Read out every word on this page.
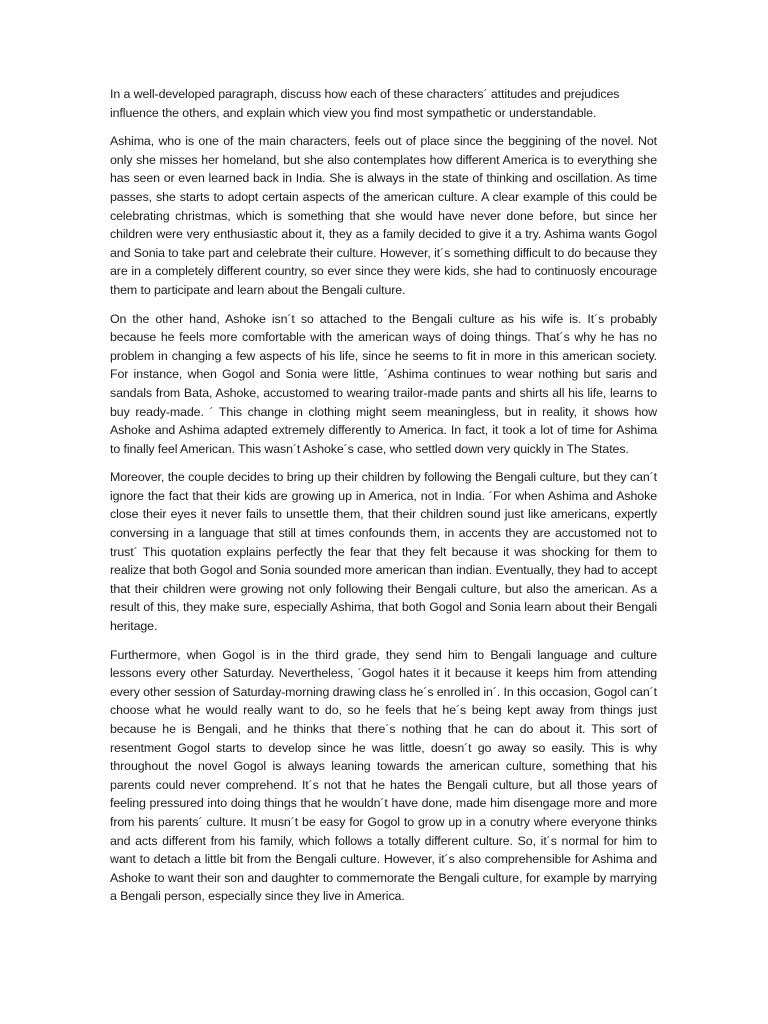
In a well-developed paragraph, discuss how each of these characters´ attitudes and prejudices influence the others, and explain which view you find most sympathetic or understandable.

Ashima, who is one of the main characters, feels out of place since the beggining of the novel. Not only she misses her homeland, but she also contemplates how different America is to everything she has seen or even learned back in India. She is always in the state of thinking and oscillation. As time passes, she starts to adopt certain aspects of the american culture. A clear example of this could be celebrating christmas, which is something that she would have never done before, but since her children were very enthusiastic about it, they as a family decided to give it a try. Ashima wants Gogol and Sonia to take part and celebrate their culture. However, it´s something difficult to do because they are in a completely different country, so ever since they were kids, she had to continuosly encourage them to participate and learn about the Bengali culture.

On the other hand, Ashoke isn´t so attached to the Bengali culture as his wife is. It´s probably because he feels more comfortable with the american ways of doing things. That´s why he has no problem in changing a few aspects of his life, since he seems to fit in more in this american society. For instance, when Gogol and Sonia were little, ´Ashima continues to wear nothing but saris and sandals from Bata, Ashoke, accustomed to wearing trailor-made pants and shirts all his life, learns to buy ready-made. ´ This change in clothing might seem meaningless, but in reality, it shows how Ashoke and Ashima adapted extremely differently to America. In fact, it took a lot of time for Ashima to finally feel American. This wasn´t Ashoke´s case, who settled down very quickly in The States.

Moreover, the couple decides to bring up their children by following the Bengali culture, but they can´t ignore the fact that their kids are growing up in America, not in India. ´For when Ashima and Ashoke close their eyes it never fails to unsettle them, that their children sound just like americans, expertly conversing in a language that still at times confounds them, in accents they are accustomed not to trust´ This quotation explains perfectly the fear that they felt because it was shocking for them to realize that both Gogol and Sonia sounded more american than indian. Eventually, they had to accept that their children were growing not only following their Bengali culture, but also the american. As a result of this, they make sure, especially Ashima, that both Gogol and Sonia learn about their Bengali heritage.

Furthermore, when Gogol is in the third grade, they send him to Bengali language and culture lessons every other Saturday. Nevertheless, ´Gogol hates it it because it keeps him from attending every other session of Saturday-morning drawing class he´s enrolled in´. In this occasion, Gogol can´t choose what he would really want to do, so he feels that he´s being kept away from things just because he is Bengali, and he thinks that there´s nothing that he can do about it. This sort of resentment Gogol starts to develop since he was little, doesn´t go away so easily. This is why throughout the novel Gogol is always leaning towards the american culture, something that his parents could never comprehend. It´s not that he hates the Bengali culture, but all those years of feeling pressured into doing things that he wouldn´t have done, made him disengage more and more from his parents´ culture. It musn´t be easy for Gogol to grow up in a conutry where everyone thinks and acts different from his family, which follows a totally different culture. So, it´s normal for him to want to detach a little bit from the Bengali culture. However, it´s also comprehensible for Ashima and Ashoke to want their son and daughter to commemorate the Bengali culture, for example by marrying a Bengali person, especially since they live in America.
